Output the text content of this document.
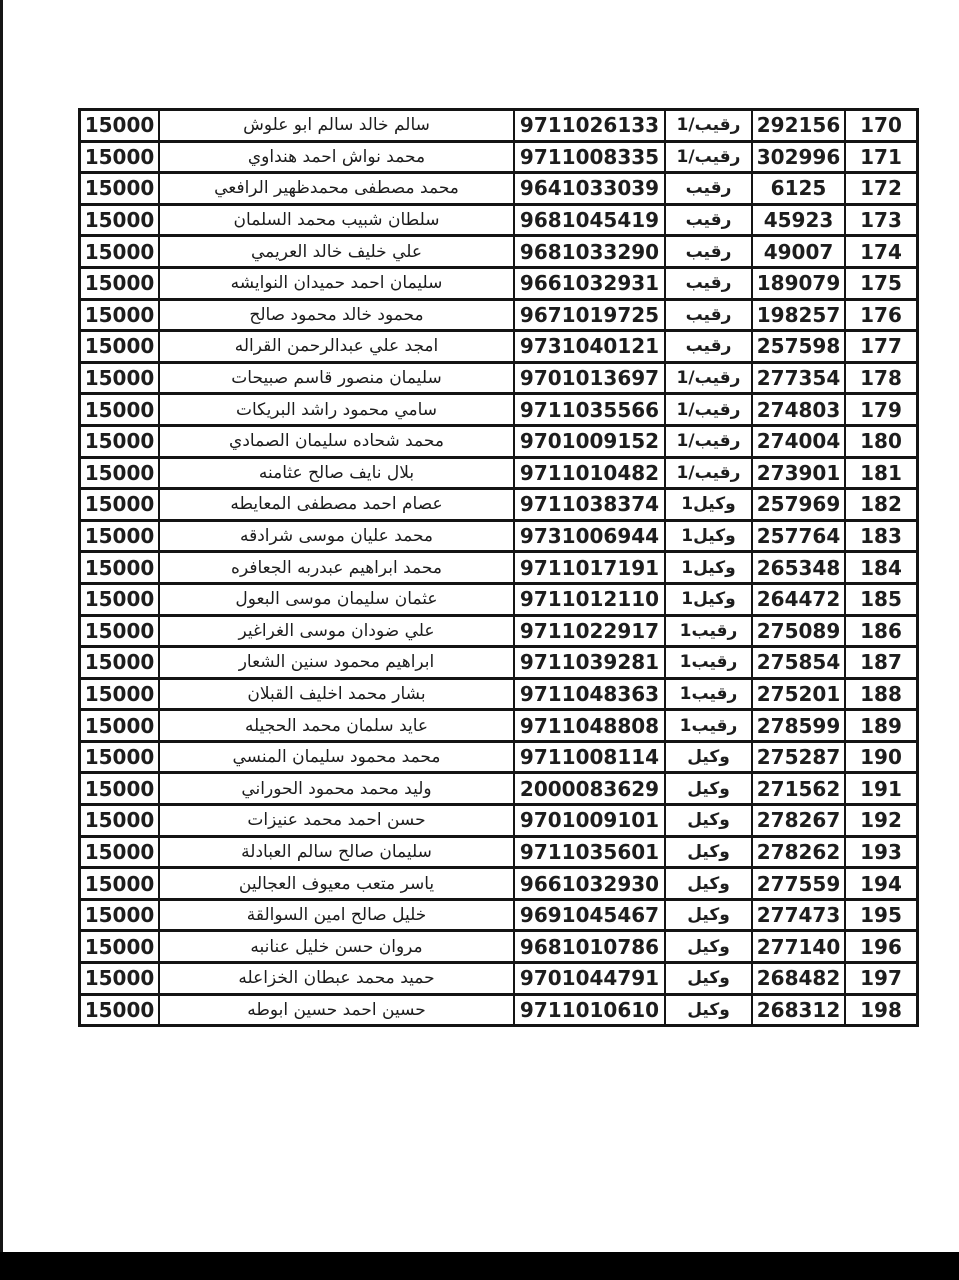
170	292156	رقيب/1	9711026133	سالم خالد سالم ابو علوش	15000
171	302996	رقيب/1	9711008335	محمد نواش احمد هنداوي	15000
172	6125	رقيب	9641033039	محمد مصطفى محمدظهير الرافعي	15000
173	45923	رقيب	9681045419	سلطان شبيب محمد السلمان	15000
174	49007	رقيب	9681033290	علي خليف خالد العريمي	15000
175	189079	رقيب	9661032931	سليمان احمد حميدان النوايشه	15000
176	198257	رقيب	9671019725	محمود خالد محمود صالح	15000
177	257598	رقيب	9731040121	امجد علي عبدالرحمن القراله	15000
178	277354	رقيب/1	9701013697	سليمان منصور قاسم صبيحات	15000
179	274803	رقيب/1	9711035566	سامي محمود راشد البريكات	15000
180	274004	رقيب/1	9701009152	محمد شحاده سليمان الصمادي	15000
181	273901	رقيب/1	9711010482	بلال نايف صالح عثامنه	15000
182	257969	وكيل1	9711038374	عصام احمد مصطفى المعايطه	15000
183	257764	وكيل1	9731006944	محمد عليان موسى شرادقه	15000
184	265348	وكيل1	9711017191	محمد ابراهيم عبدربه الجعافره	15000
185	264472	وكيل1	9711012110	عثمان سليمان موسى البعول	15000
186	275089	رقيب1	9711022917	علي ضودان موسى الغراغير	15000
187	275854	رقيب1	9711039281	ابراهيم محمود سنين الشعار	15000
188	275201	رقيب1	9711048363	بشار محمد اخليف القبلان	15000
189	278599	رقيب1	9711048808	عايد سلمان محمد الحجيله	15000
190	275287	وكيل	9711008114	محمد محمود سليمان المنسي	15000
191	271562	وكيل	2000083629	وليد محمد محمود الحوراني	15000
192	278267	وكيل	9701009101	حسن احمد محمد عنيزات	15000
193	278262	وكيل	9711035601	سليمان صالح سالم العبادلة	15000
194	277559	وكيل	9661032930	ياسر متعب معيوف العجالين	15000
195	277473	وكيل	9691045467	خليل صالح امين السوالقة	15000
196	277140	وكيل	9681010786	مروان حسن خليل عنانبه	15000
197	268482	وكيل	9701044791	حميد محمد عبطان الخزاعله	15000
198	268312	وكيل	9711010610	حسين احمد حسين ابوطه	15000
